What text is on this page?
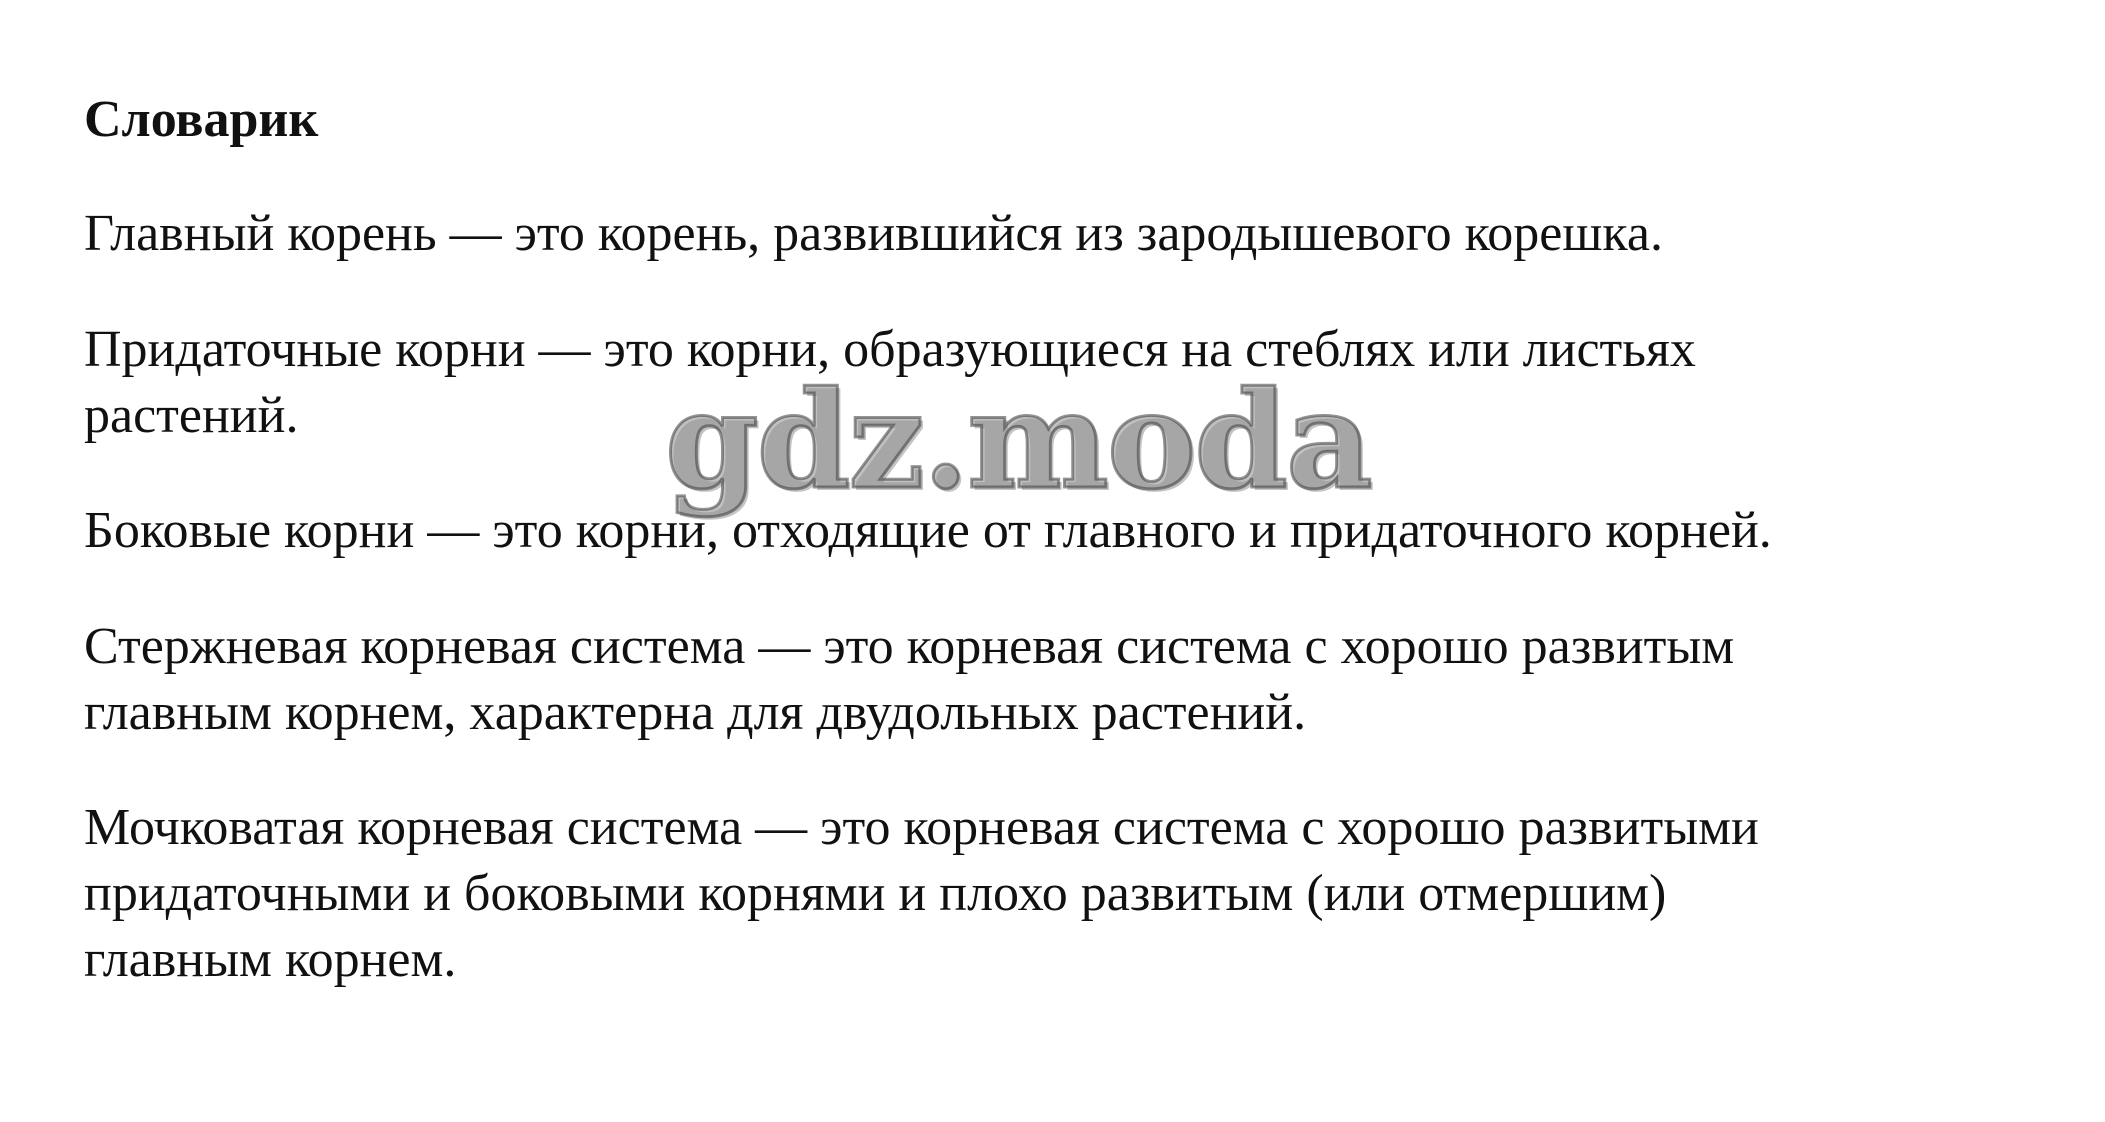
Словарик

Главный корень — это корень, развившийся из зародышевого корешка.

Придаточные корни — это корни, образующиеся на стеблях или листьях
растений.

Боковые корни — это корни, отходящие от главного и придаточного корней.

Стержневая корневая система — это корневая система с хорошо развитым
главным корнем, характерна для двудольных растений.

Мочковатая корневая система — это корневая система с хорошо развитыми
придаточными и боковыми корнями и плохо развитым (или отмершим)
главным корнем.

gdz.moda
